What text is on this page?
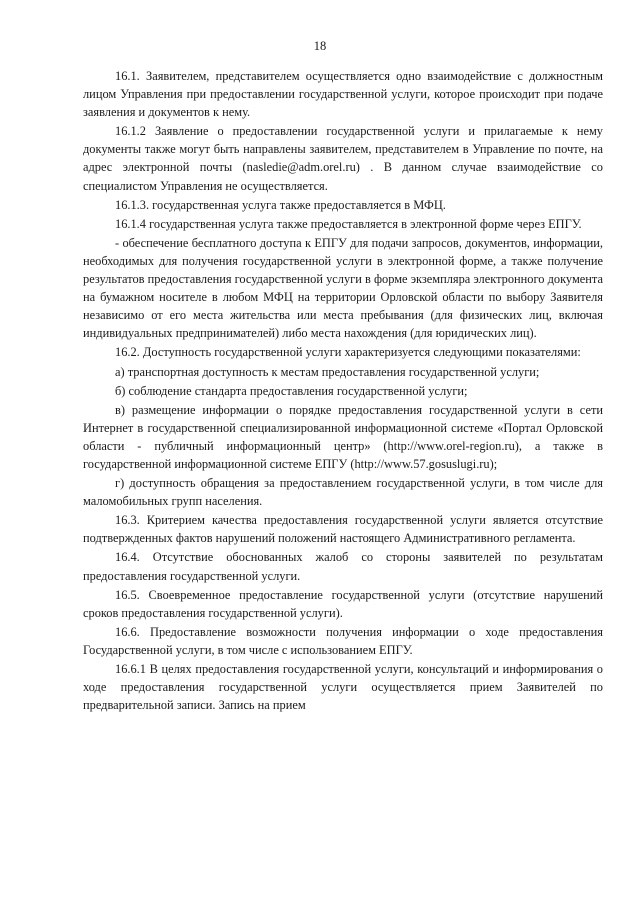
18

16.1. Заявителем, представителем осуществляется одно взаимодействие с должностным лицом Управления при предоставлении государственной услуги, которое происходит при подаче заявления и документов к нему.

16.1.2 Заявление о предоставлении государственной услуги и прилагаемые к нему документы также могут быть направлены заявителем, представителем в Управление по почте, на адрес электронной почты (nasledie@adm.orel.ru) . В данном случае взаимодействие со специалистом Управления не осуществляется.

16.1.3. государственная услуга также предоставляется в МФЦ.

16.1.4 государственная услуга также предоставляется в электронной форме через ЕПГУ.

- обеспечение бесплатного доступа к ЕПГУ для подачи запросов, документов, информации, необходимых для получения государственной услуги в электронной форме, а также получение результатов предоставления государственной услуги в форме экземпляра электронного документа на бумажном носителе в любом МФЦ на территории Орловской области по выбору Заявителя независимо от его места жительства или места пребывания (для физических лиц, включая индивидуальных предпринимателей) либо места нахождения (для юридических лиц).

16.2. Доступность государственной услуги характеризуется следующими показателями:

а) транспортная доступность к местам предоставления государственной услуги;

б) соблюдение стандарта предоставления государственной услуги;

в) размещение информации о порядке предоставления государственной услуги в сети Интернет в государственной специализированной информационной системе «Портал Орловской области - публичный информационный центр» (http://www.orel-region.ru), а также в государственной информационной системе ЕПГУ (http://www.57.gosuslugi.ru);

г) доступность обращения за предоставлением государственной услуги, в том числе для маломобильных групп населения.

16.3. Критерием качества предоставления государственной услуги является отсутствие подтвержденных фактов нарушений положений настоящего Административного регламента.

16.4. Отсутствие обоснованных жалоб со стороны заявителей по результатам предоставления государственной услуги.

16.5. Своевременное предоставление государственной услуги (отсутствие нарушений сроков предоставления государственной услуги).

16.6. Предоставление возможности получения информации о ходе предоставления Государственной услуги, в том числе с использованием ЕПГУ.

16.6.1 В целях предоставления государственной услуги, консультаций и информирования о ходе предоставления государственной услуги осуществляется прием Заявителей по предварительной записи. Запись на прием
